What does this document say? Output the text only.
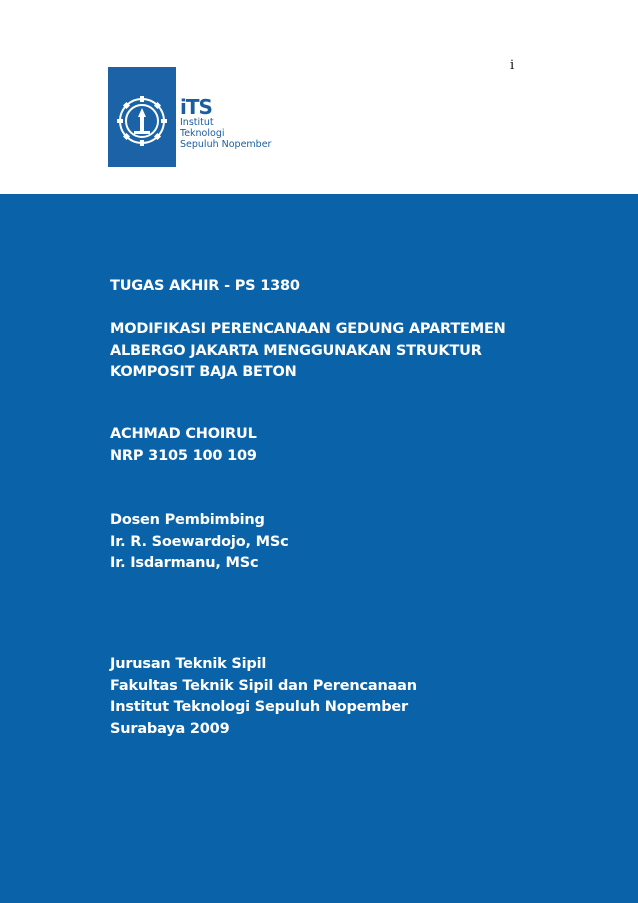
i
iTS
Institut
Teknologi
Sepuluh Nopember
TUGAS AKHIR - PS 1380
MODIFIKASI PERENCANAAN GEDUNG APARTEMEN
ALBERGO JAKARTA MENGGUNAKAN STRUKTUR
KOMPOSIT BAJA BETON
ACHMAD CHOIRUL
NRP 3105 100 109
Dosen Pembimbing
Ir. R. Soewardojo, MSc
Ir. Isdarmanu, MSc
Jurusan Teknik Sipil
Fakultas Teknik Sipil dan Perencanaan
Institut Teknologi Sepuluh Nopember
Surabaya 2009
